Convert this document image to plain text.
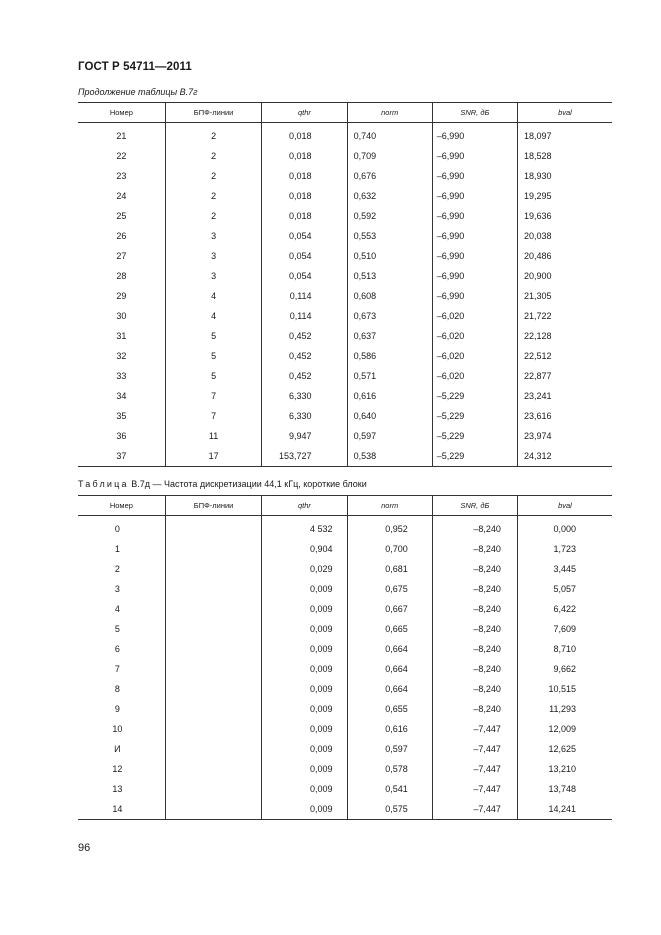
ГОСТ Р 54711—2011
Продолжение таблицы В.7г
Номер	БПФ-линии	qthr	norm	SNR, дБ	bval
21	2	0,018	0,740	–6,990	18,097
22	2	0,018	0,709	–6,990	18,528
23	2	0,018	0,676	–6,990	18,930
24	2	0,018	0,632	–6,990	19,295
25	2	0,018	0,592	–6,990	19,636
26	3	0,054	0,553	–6,990	20,038
27	3	0,054	0,510	–6,990	20,486
28	3	0,054	0,513	–6,990	20,900
29	4	0,114	0,608	–6,990	21,305
30	4	0,114	0,673	–6,020	21,722
31	5	0,452	0,637	–6,020	22,128
32	5	0,452	0,586	–6,020	22,512
33	5	0,452	0,571	–6,020	22,877
34	7	6,330	0,616	–5,229	23,241
35	7	6,330	0,640	–5,229	23,616
36	11	9,947	0,597	–5,229	23,974
37	17	153,727	0,538	–5,229	24,312
Таблица В.7д — Частота дискретизации 44,1 кГц, короткие блоки
Номер	БПФ-линии	qthr	norm	SNR, дБ	bval
0		4 532	0,952	–8,240	0,000
1		0,904	0,700	–8,240	1,723
2		0,029	0,681	–8,240	3,445
3		0,009	0,675	–8,240	5,057
4		0,009	0,667	–8,240	6,422
5		0,009	0,665	–8,240	7,609
6		0,009	0,664	–8,240	8,710
7		0,009	0,664	–8,240	9,662
8		0,009	0,664	–8,240	10,515
9		0,009	0,655	–8,240	11,293
10		0,009	0,616	–7,447	12,009
И		0,009	0,597	–7,447	12,625
12		0,009	0,578	–7,447	13,210
13		0,009	0,541	–7,447	13,748
14		0,009	0,575	–7,447	14,241
96
